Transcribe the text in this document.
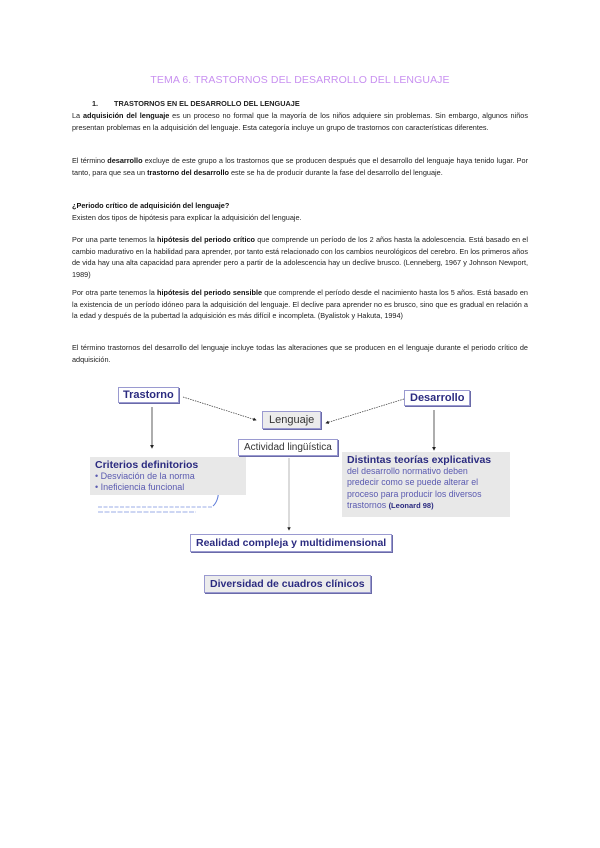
TEMA 6. TRASTORNOS DEL DESARROLLO DEL LENGUAJE
1. TRASTORNOS EN EL DESARROLLO DEL LENGUAJE

La adquisición del lenguaje es un proceso no formal que la mayoría de los niños adquiere sin problemas. Sin embargo, algunos niños presentan problemas en la adquisición del lenguaje. Esta categoría incluye un grupo de trastornos con características diferentes.

El término desarrollo excluye de este grupo a los trastornos que se producen después que el desarrollo del lenguaje haya tenido lugar. Por tanto, para que sea un trastorno del desarrollo este se ha de producir durante la fase del desarrollo del lenguaje.

¿Periodo crítico de adquisición del lenguaje?
Existen dos tipos de hipótesis para explicar la adquisición del lenguaje.

Por una parte tenemos la hipótesis del periodo crítico que comprende un período de los 2 años hasta la adolescencia. Está basado en el cambio madurativo en la habilidad para aprender, por tanto está relacionado con los cambios neurológicos del cerebro. En los primeros años de vida hay una alta capacidad para aprender pero a partir de la adolescencia hay un declive brusco. (Lenneberg, 1967 y Johnson Newport, 1989)

Por otra parte tenemos la hipótesis del periodo sensible que comprende el período desde el nacimiento hasta los 5 años. Está basado en la existencia de un período idóneo para la adquisición del lenguaje. El declive para aprender no es brusco, sino que es gradual en relación a la edad y después de la pubertad la adquisición es más difícil e incompleta. (Byalistok y Hakuta, 1994)

El término trastornos del desarrollo del lenguaje incluye todas las alteraciones que se producen en el lenguaje durante el periodo crítico de adquisición.

Trastorno	Desarrollo
Lenguaje
Actividad lingüística
Criterios definitorios
• Desviación de la norma
• Ineficiencia funcional
Distintas teorías explicativas
del desarrollo normativo deben
predecir como se puede alterar el
proceso para producir los diversos
trastornos (Leonard 98)
Realidad compleja y multidimensional
Diversidad de cuadros clínicos
